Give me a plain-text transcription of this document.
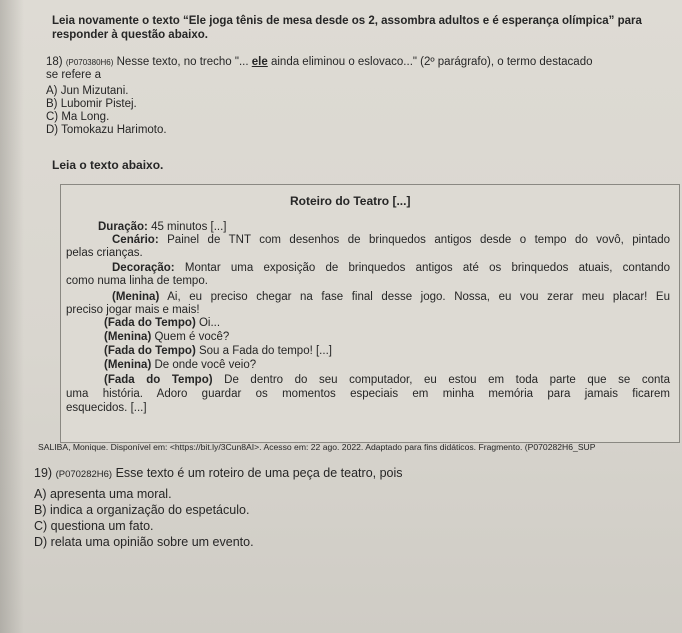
Leia novamente o texto “Ele joga tênis de mesa desde os 2, assombra adultos e é esperança olímpica” para responder à questão abaixo.
18) (P070380H6) Nesse texto, no trecho "... ele ainda eliminou o eslovaco..." (2º parágrafo), o termo destacado
se refere a
A) Jun Mizutani.
B) Lubomir Pistej.
C) Ma Long.
D) Tomokazu Harimoto.
Leia o texto abaixo.
Roteiro do Teatro [...]
Duração: 45 minutos [...]
Cenário: Painel de TNT com desenhos de brinquedos antigos desde o tempo do vovô, pintado
pelas crianças.
Decoração: Montar uma exposição de brinquedos antigos até os brinquedos atuais, contando
como numa linha de tempo.
(Menina) Ai, eu preciso chegar na fase final desse jogo. Nossa, eu vou zerar meu placar! Eu
preciso jogar mais e mais!
(Fada do Tempo) Oi...
(Menina) Quem é você?
(Fada do Tempo) Sou a Fada do tempo! [...]
(Menina) De onde você veio?
(Fada do Tempo) De dentro do seu computador, eu estou em toda parte que se conta
uma história. Adoro guardar os momentos especiais em minha memória para jamais ficarem
esquecidos. [...]
SALIBA, Monique. Disponível em: <https://bit.ly/3Cun8AI>. Acesso em: 22 ago. 2022. Adaptado para fins didáticos. Fragmento. (P070282H6_SUP
19) (P070282H6) Esse texto é um roteiro de uma peça de teatro, pois
A) apresenta uma moral.
B) indica a organização do espetáculo.
C) questiona um fato.
D) relata uma opinião sobre um evento.
